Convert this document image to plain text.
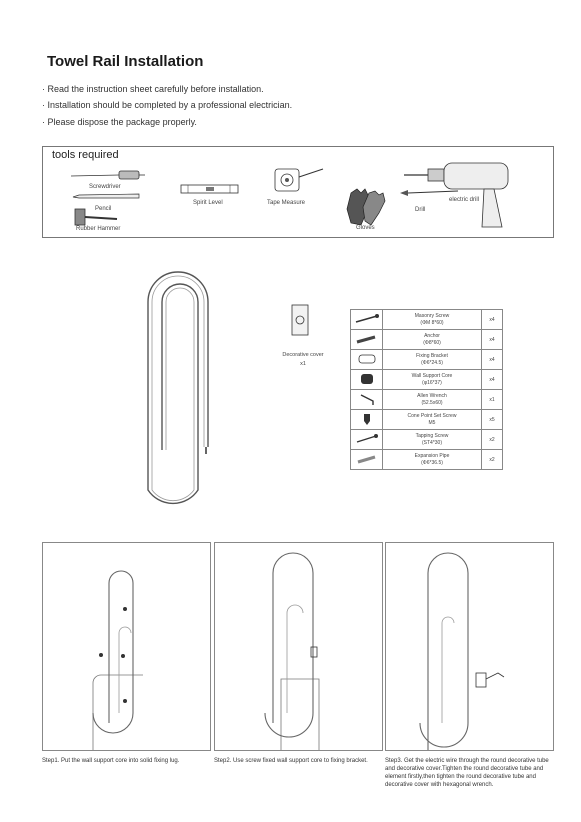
Towel Rail Installation
· Read the instruction sheet carefully before installation.
· Installation should be completed by a professional electrician.
· Please dispose the package properly.
tools required
Screwdriver
Pencil
Rubber Hammer
Spirit Level	Tape Measure
Gloves
Drill
electric drill
Decorative cover
x1

Masonry Screw
(ΦM 8*60)	x4

Anchor
(Φ8*60)	x4

Fixing Bracket
(Φ6*24.5)	x4

Wall Support Core
(φ16*37)	x4

Allen Wrench
(52.5x60)	x1

Cone Point Set Screw
M5	x5

Tapping Screw
(ST4*30)	x2

Expansion Pipe
(Φ6*36.5)	x2
Step1. Put the wall support core into solid fixing lug.	Step2. Use screw fixed wall support core to fixing bracket.	Step3. Get the electric wire through the round decorative tube and decorative cover.Tighten the round decorative tube and element firstly,then tighten the round decorative tube and decorative cover with hexagonal wrench.
